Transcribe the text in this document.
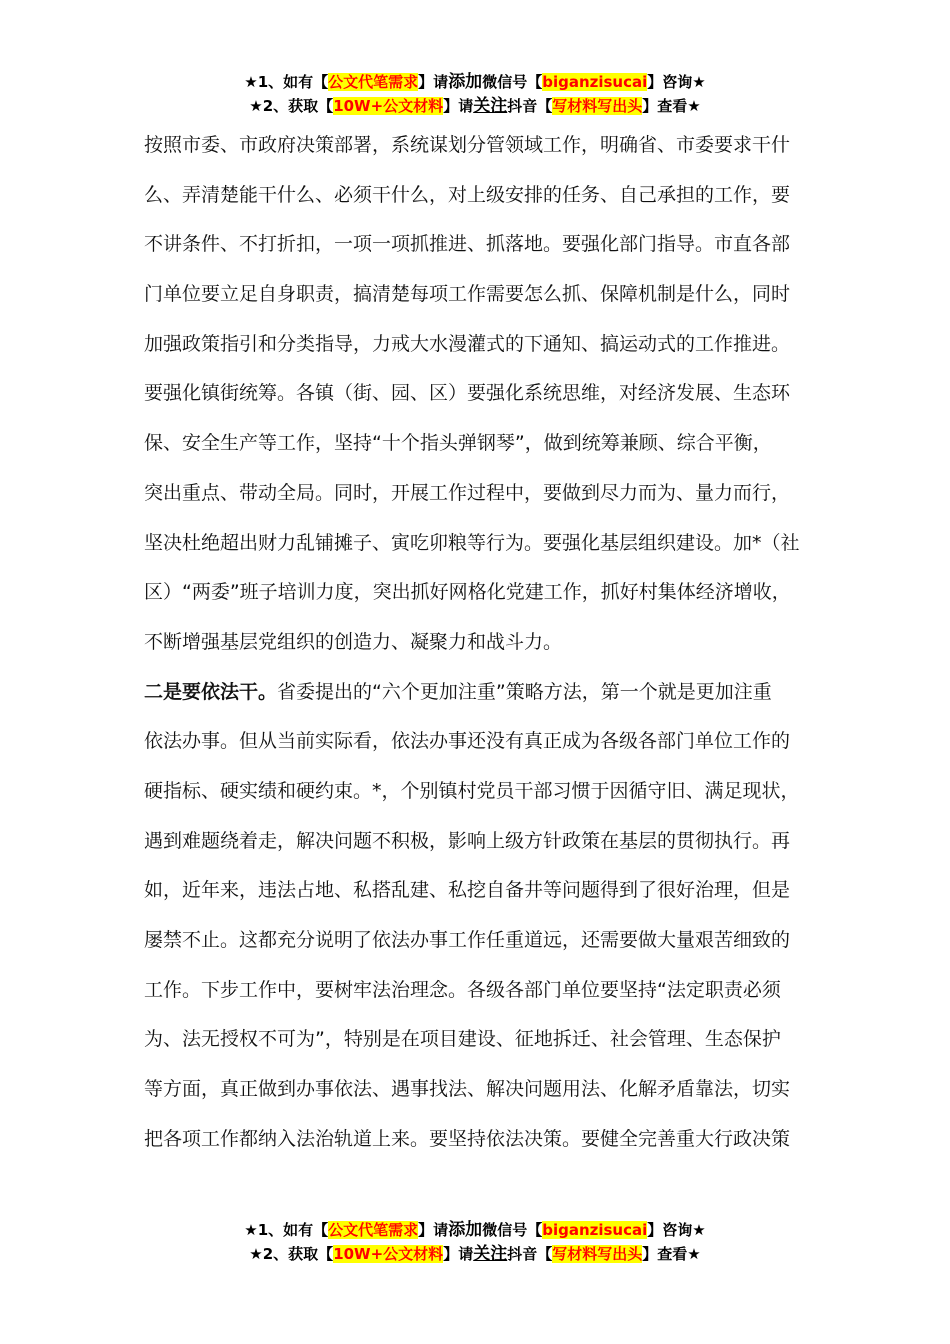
★1、如有【公文代笔需求】请添加微信号【biganzisucai】咨询★
★2、获取【10W+公文材料】请关注抖音【写材料写出头】查看★
按照市委、市政府决策部署，系统谋划分管领域工作，明确省、市委要求干什
么、弄清楚能干什么、必须干什么，对上级安排的任务、自己承担的工作，要
不讲条件、不打折扣，一项一项抓推进、抓落地。要强化部门指导。市直各部
门单位要立足自身职责，搞清楚每项工作需要怎么抓、保障机制是什么，同时
加强政策指引和分类指导，力戒大水漫灌式的下通知、搞运动式的工作推进。
要强化镇街统筹。各镇（街、园、区）要强化系统思维，对经济发展、生态环
保、安全生产等工作，坚持“十个指头弹钢琴”，做到统筹兼顾、综合平衡，
突出重点、带动全局。同时，开展工作过程中，要做到尽力而为、量力而行，
坚决杜绝超出财力乱铺摊子、寅吃卯粮等行为。要强化基层组织建设。加*（社
区）“两委”班子培训力度，突出抓好网格化党建工作，抓好村集体经济增收，
不断增强基层党组织的创造力、凝聚力和战斗力。
二是要依法干。省委提出的“六个更加注重”策略方法，第一个就是更加注重
依法办事。但从当前实际看，依法办事还没有真正成为各级各部门单位工作的
硬指标、硬实绩和硬约束。*，个别镇村党员干部习惯于因循守旧、满足现状，
遇到难题绕着走，解决问题不积极，影响上级方针政策在基层的贯彻执行。再
如，近年来，违法占地、私搭乱建、私挖自备井等问题得到了很好治理，但是
屡禁不止。这都充分说明了依法办事工作任重道远，还需要做大量艰苦细致的
工作。下步工作中，要树牢法治理念。各级各部门单位要坚持“法定职责必须
为、法无授权不可为”，特别是在项目建设、征地拆迁、社会管理、生态保护
等方面，真正做到办事依法、遇事找法、解决问题用法、化解矛盾靠法，切实
把各项工作都纳入法治轨道上来。要坚持依法决策。要健全完善重大行政决策
★1、如有【公文代笔需求】请添加微信号【biganzisucai】咨询★
★2、获取【10W+公文材料】请关注抖音【写材料写出头】查看★
